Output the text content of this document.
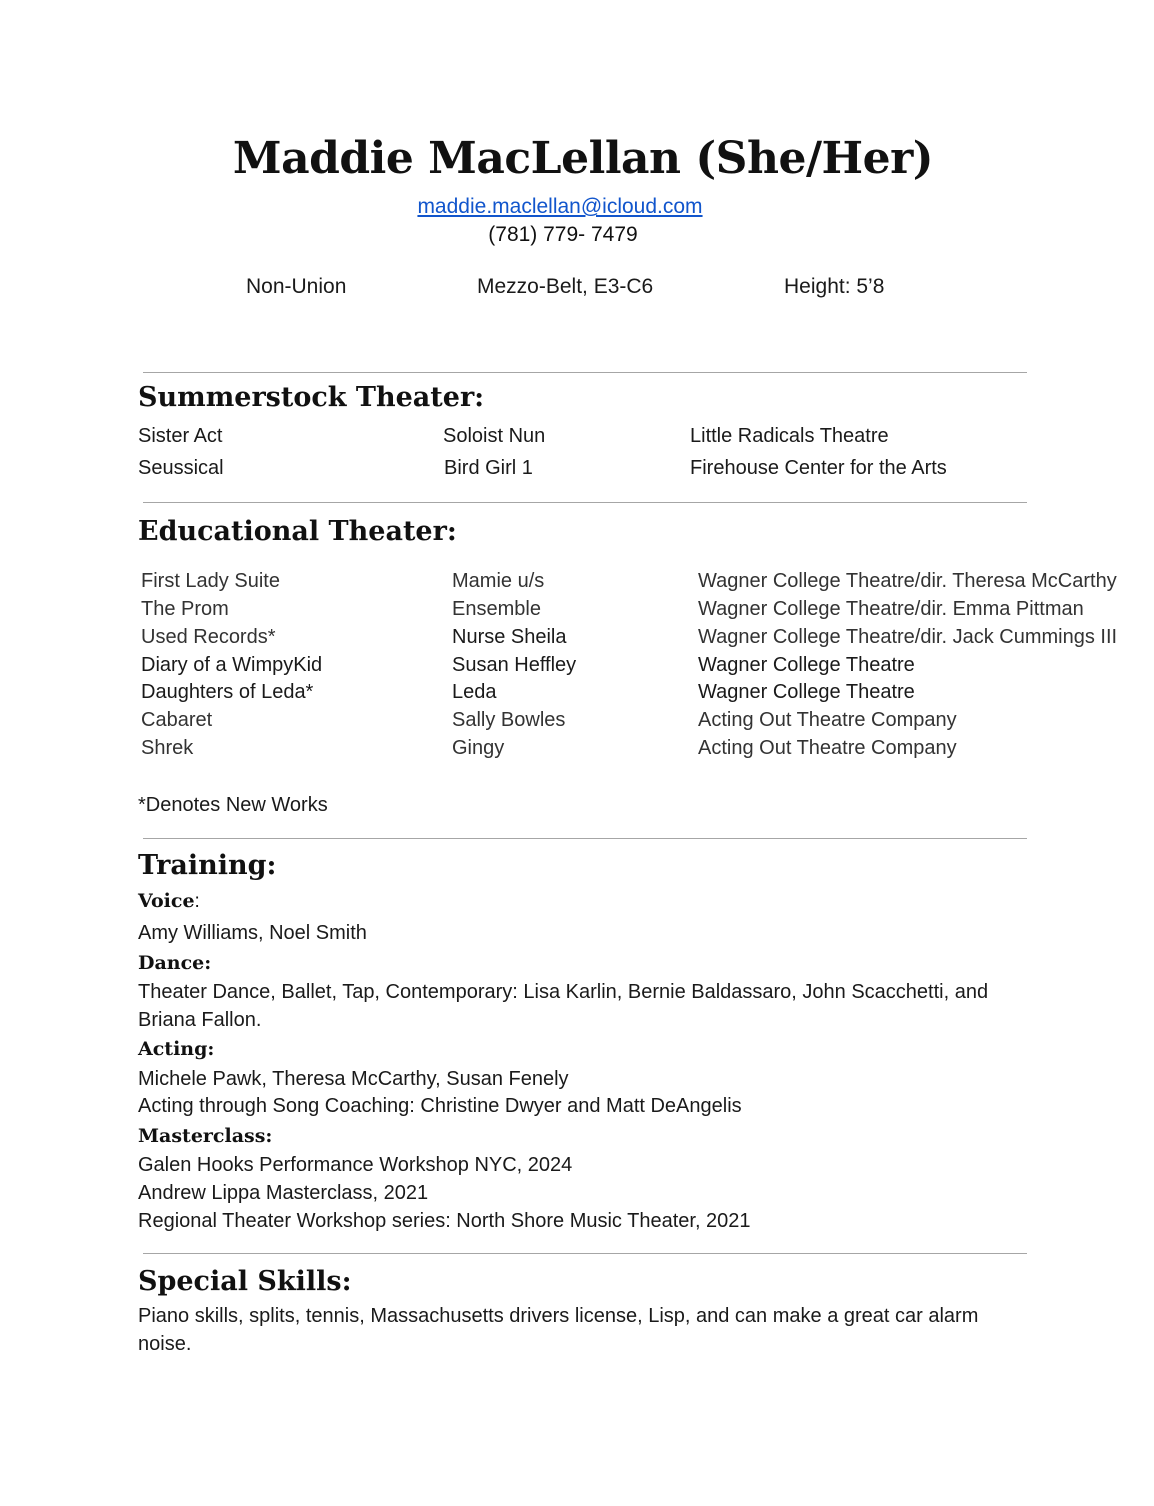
Maddie MacLellan (She/Her)
maddie.maclellan@icloud.com
(781) 779- 7479
Non-Union	Mezzo-Belt, E3-C6	Height: 5’8
Summerstock Theater:
Sister Act	Soloist Nun	Little Radicals Theatre
Seussical	Bird Girl 1	Firehouse Center for the Arts
Educational Theater:
First Lady Suite	Mamie u/s	Wagner College Theatre/dir. Theresa McCarthy
The Prom	Ensemble	Wagner College Theatre/dir. Emma Pittman
Used Records*	Nurse Sheila	Wagner College Theatre/dir. Jack Cummings III
Diary of a WimpyKid	Susan Heffley	Wagner College Theatre
Daughters of Leda*	Leda	Wagner College Theatre
Cabaret	Sally Bowles	Acting Out Theatre Company
Shrek	Gingy	Acting Out Theatre Company
*Denotes New Works
Training:
Voice:
Amy Williams, Noel Smith
Dance:
Theater Dance, Ballet, Tap, Contemporary: Lisa Karlin, Bernie Baldassaro, John Scacchetti, and
Briana Fallon.
Acting:
Michele Pawk, Theresa McCarthy, Susan Fenely
Acting through Song Coaching: Christine Dwyer and Matt DeAngelis
Masterclass:
Galen Hooks Performance Workshop NYC, 2024
Andrew Lippa Masterclass, 2021
Regional Theater Workshop series: North Shore Music Theater, 2021
Special Skills:
Piano skills, splits, tennis, Massachusetts drivers license, Lisp, and can make a great car alarm
noise.
